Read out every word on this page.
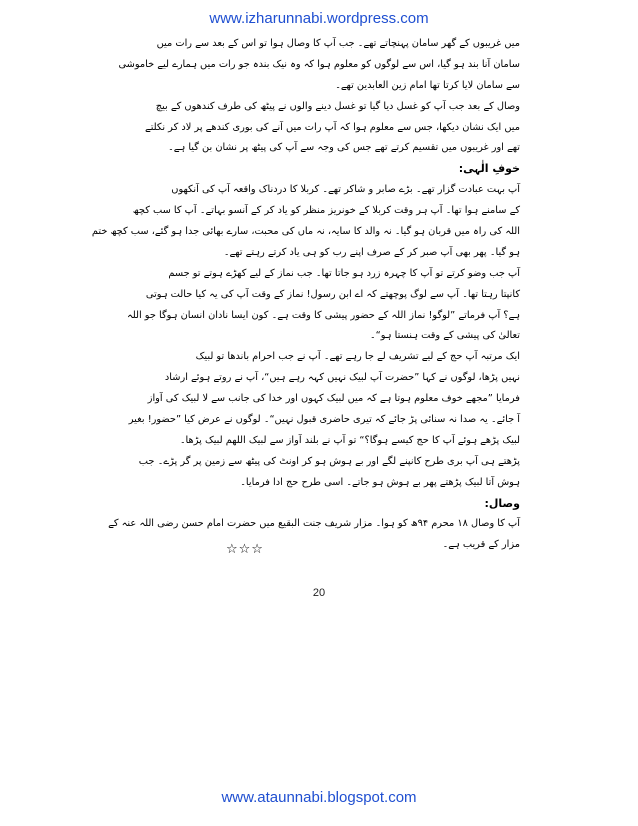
www.izharunnabi.wordpress.com
میں غریبوں کے گھر سامان پہنچاتے تھے۔ جب آپ کا وصال ہوا تو اس کے بعد سے رات میں
سامان آنا بند ہو گیا، اس سے لوگوں کو معلوم ہوا کہ وہ نیک بندہ جو رات میں ہمارے لیے خاموشی
سے سامان لایا کرتا تھا امام زین العابدین تھے۔
وصال کے بعد جب آپ کو غسل دیا گیا تو غسل دینے والوں نے پیٹھ کی طرف کندھوں کے بیچ
میں ایک نشان دیکھا، جس سے معلوم ہوا کہ آپ رات میں آنے کی بوری کندھے پر لاد کر نکلتے
تھے اور غریبوں میں تقسیم کرتے تھے جس کی وجہ سے آپ کی پیٹھ پر نشان بن گیا ہے۔
خوفِ الٰہی:
آپ بہت عبادت گزار تھے۔ بڑے صابر و شاکر تھے۔ کربلا کا دردناک واقعہ آپ کی آنکھوں
کے سامنے ہوا تھا۔ آپ ہر وقت کربلا کے خونریز منظر کو یاد کر کے آنسو بہاتے۔ آپ کا سب کچھ
اللہ کی راہ میں قربان ہو گیا۔ نہ والد کا سایہ، نہ ماں کی محبت، سارے بھائی جدا ہو گئے، سب کچھ ختم
ہو گیا۔ پھر بھی آپ صبر کر کے صرف اپنے رب کو ہی یاد کرتے رہتے تھے۔
آپ جب وضو کرتے تو آپ کا چہرہ زرد ہو جاتا تھا۔ جب نماز کے لیے کھڑے ہوتے تو جسم
کانپتا رہتا تھا۔ آپ سے لوگ پوچھتے کہ اے ابن رسول! نماز کے وقت آپ کی یہ کیا حالت ہوتی
ہے؟ آپ فرماتے ”لوگو! نماز اللہ کے حضور پیشی کا وقت ہے۔ کون ایسا نادان انسان ہوگا جو اللہ
تعالیٰ کی پیشی کے وقت ہنستا ہو“۔
ایک مرتبہ آپ حج کے لیے تشریف لے جا رہے تھے۔ آپ نے جب احرام باندھا تو لبیک
نہیں پڑھا، لوگوں نے کہا ”حضرت آپ لبیک نہیں کہہ رہے ہیں“، آپ نے روتے ہوئے ارشاد
فرمایا ”مجھے خوف معلوم ہوتا ہے کہ میں لبیک کہوں اور خدا کی جانب سے لا لبیک کی آواز
آ جائے۔ یہ صدا نہ سنائی پڑ جائے کہ تیری حاضری قبول نہیں“۔ لوگوں نے عرض کیا ”حضور! بغیر
لبیک پڑھے ہوئے آپ کا حج کیسے ہوگا؟“ تو آپ نے بلند آواز سے لبیک اللھم لبیک پڑھا۔
پڑھتے ہی آپ بری طرح کانپنے لگے اور بے ہوش ہو کر اونٹ کی پیٹھ سے زمین پر گر پڑے۔ جب
ہوش آتا لبیک پڑھتے پھر بے ہوش ہو جاتے۔ اسی طرح حج ادا فرمایا۔
وصال:
آپ کا وصال ۱۸ محرم ۹۴ھ کو ہوا۔ مزار شریف جنت البقیع میں حضرت امام حسن رضی اللہ عنہ کے
مزار کے قریب ہے۔
☆☆☆
20
www.ataunnabi.blogspot.com
